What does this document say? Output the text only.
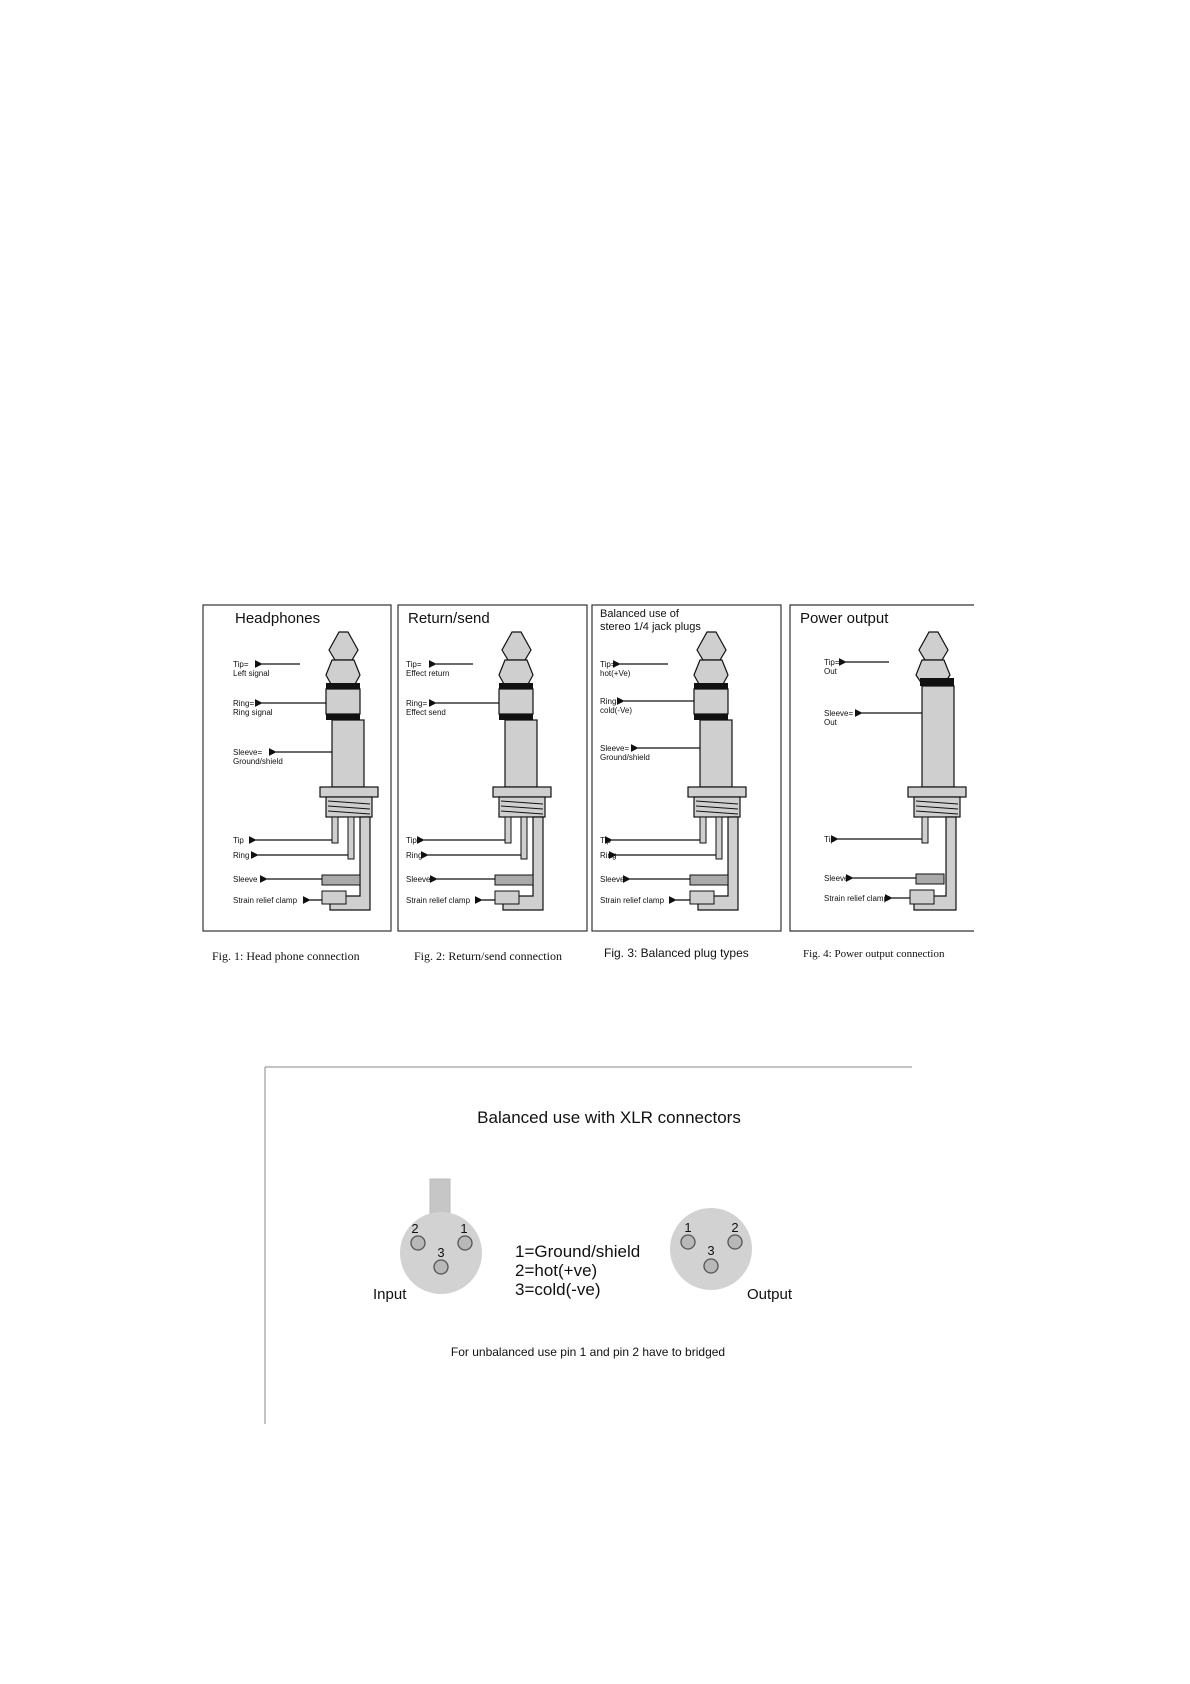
Headphones
Tip=
Left signal
Ring=
Ring signal
Sleeve=
Ground/shield
Tip
Ring
Sleeve
Strain relief clamp
Fig. 1: Head phone connection
Return/send
Tip=
Effect return
Ring=
Effect send
Tip
Ring
Sleeve
Strain relief clamp
Fig. 2: Return/send connection
Balanced use of
stereo 1/4 jack plugs
Tip=
hot(+Ve)
Ring=
cold(-Ve)
Sleeve=
Ground/shield
Tip
Ring
Sleeve
Strain relief clamp
Fig. 3: Balanced plug types
Power output
Tip=
Out
Sleeve=
Out
Tip
Sleeve
Strain relief clamp
Fig. 4: Power output connection
Balanced use with XLR connectors
2	1
3
Input
1=Ground/shield
2=hot(+ve)
3=cold(-ve)
1	2
3
Output
For unbalanced use pin 1 and pin 2 have to bridged
